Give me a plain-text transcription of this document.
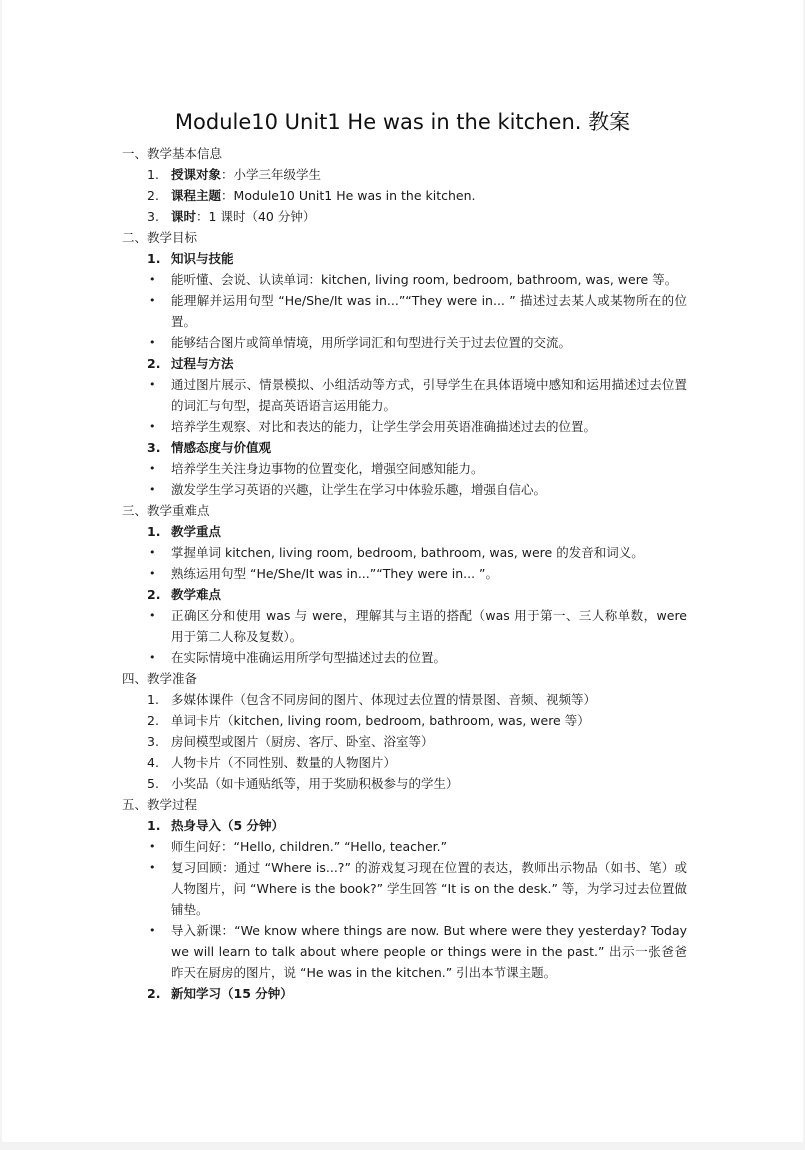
Module10 Unit1 He was in the kitchen. 教案
一、教学基本信息
1. 授课对象：小学三年级学生
2. 课程主题：Module10 Unit1 He was in the kitchen.
3. 课时：1 课时（40 分钟）
二、教学目标
1. 知识与技能
• 能听懂、会说、认读单词：kitchen, living room, bedroom, bathroom, was, were 等。
• 能理解并运用句型 “He/She/It was in...”“They were in... ” 描述过去某人或某物所在的位置。
• 能够结合图片或简单情境，用所学词汇和句型进行关于过去位置的交流。
2. 过程与方法
• 通过图片展示、情景模拟、小组活动等方式，引导学生在具体语境中感知和运用描述过去位置的词汇与句型，提高英语语言运用能力。
• 培养学生观察、对比和表达的能力，让学生学会用英语准确描述过去的位置。
3. 情感态度与价值观
• 培养学生关注身边事物的位置变化，增强空间感知能力。
• 激发学生学习英语的兴趣，让学生在学习中体验乐趣，增强自信心。
三、教学重难点
1. 教学重点
• 掌握单词 kitchen, living room, bedroom, bathroom, was, were 的发音和词义。
• 熟练运用句型 “He/She/It was in...”“They were in... ”。
2. 教学难点
• 正确区分和使用 was 与 were，理解其与主语的搭配（was 用于第一、三人称单数，were 用于第二人称及复数）。
• 在实际情境中准确运用所学句型描述过去的位置。
四、教学准备
1. 多媒体课件（包含不同房间的图片、体现过去位置的情景图、音频、视频等）
2. 单词卡片（kitchen, living room, bedroom, bathroom, was, were 等）
3. 房间模型或图片（厨房、客厅、卧室、浴室等）
4. 人物卡片（不同性别、数量的人物图片）
5. 小奖品（如卡通贴纸等，用于奖励积极参与的学生）
五、教学过程
1. 热身导入（5 分钟）
• 师生问好：“Hello, children.” “Hello, teacher.”
• 复习回顾：通过 “Where is...?” 的游戏复习现在位置的表达，教师出示物品（如书、笔）或人物图片，问 “Where is the book?” 学生回答 “It is on the desk.” 等，为学习过去位置做铺垫。
• 导入新课：“We know where things are now. But where were they yesterday? Today we will learn to talk about where people or things were in the past.” 出示一张爸爸昨天在厨房的图片，说 “He was in the kitchen.” 引出本节课主题。
2. 新知学习（15 分钟）
